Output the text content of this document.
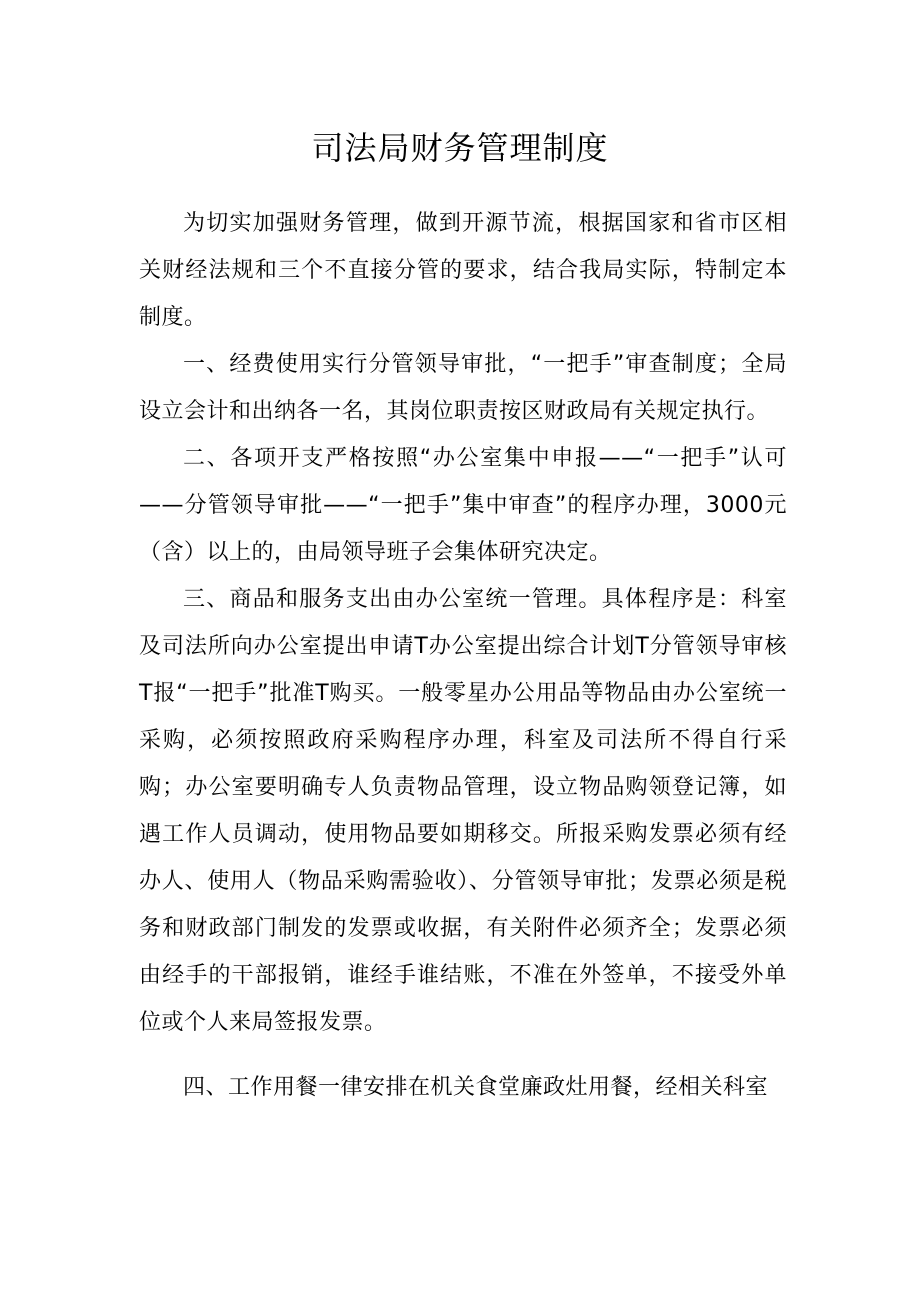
司法局财务管理制度

为切实加强财务管理，做到开源节流，根据国家和省市区相关财经法规和三个不直接分管的要求，结合我局实际，特制定本制度。

一、经费使用实行分管领导审批，“一把手”审查制度；全局设立会计和出纳各一名，其岗位职责按区财政局有关规定执行。

二、各项开支严格按照“办公室集中申报——“一把手”认可——分管领导审批——“一把手”集中审查”的程序办理，3000元（含）以上的，由局领导班子会集体研究决定。

三、商品和服务支出由办公室统一管理。具体程序是：科室及司法所向办公室提出申请T办公室提出综合计划T分管领导审核T报“一把手”批准T购买。一般零星办公用品等物品由办公室统一采购，必须按照政府采购程序办理，科室及司法所不得自行采购；办公室要明确专人负责物品管理，设立物品购领登记簿，如遇工作人员调动，使用物品要如期移交。所报采购发票必须有经办人、使用人（物品采购需验收）、分管领导审批；发票必须是税务和财政部门制发的发票或收据，有关附件必须齐全；发票必须由经手的干部报销，谁经手谁结账，不准在外签单，不接受外单位或个人来局签报发票。

四、工作用餐一律安排在机关食堂廉政灶用餐，经相关科室
